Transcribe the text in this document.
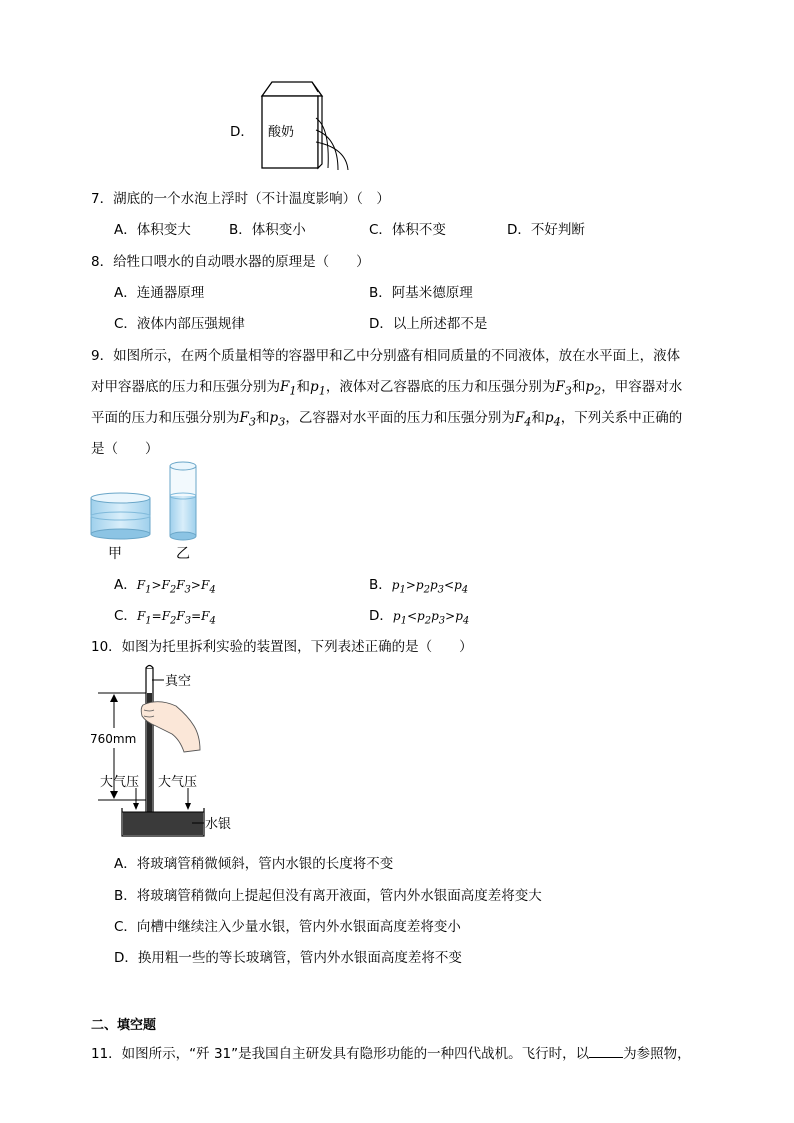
D． 酸奶
7．湖底的一个水泡上浮时（不计温度影响）（　）
A．体积变大	B．体积变小	C．体积不变	D．不好判断
8．给牲口喂水的自动喂水器的原理是（　　）
A．连通器原理	B．阿基米德原理
C．液体内部压强规律	D．以上所述都不是
9．如图所示，在两个质量相等的容器甲和乙中分别盛有相同质量的不同液体，放在水平面上，液体
对甲容器底的压力和压强分别为$F_1$和$p_1$，液体对乙容器底的压力和压强分别为$F_3$和$p_2$，甲容器对水
平面的压力和压强分别为$F_3$和$p_3$，乙容器对水平面的压力和压强分别为$F_4$和$p_4$，下列关系中正确的
是（　　）
甲	乙
A．$F_1>F_2F_3>F_4$	B．$p_1>p_2p_3<p_4$
C．$F_1=F_2F_3=F_4$	D．$p_1<p_2p_3>p_4$
10．如图为托里拆利实验的装置图，下列表述正确的是（　　）
760mm
真空
大气压 大气压
水银
A．将玻璃管稍微倾斜，管内水银的长度将不变
B．将玻璃管稍微向上提起但没有离开液面，管内外水银面高度差将变大
C．向槽中继续注入少量水银，管内外水银面高度差将变小
D．换用粗一些的等长玻璃管，管内外水银面高度差将不变
二、填空题
11．如图所示，“歼 31”是我国自主研发具有隐形功能的一种四代战机。飞行时，以	为参照物，
